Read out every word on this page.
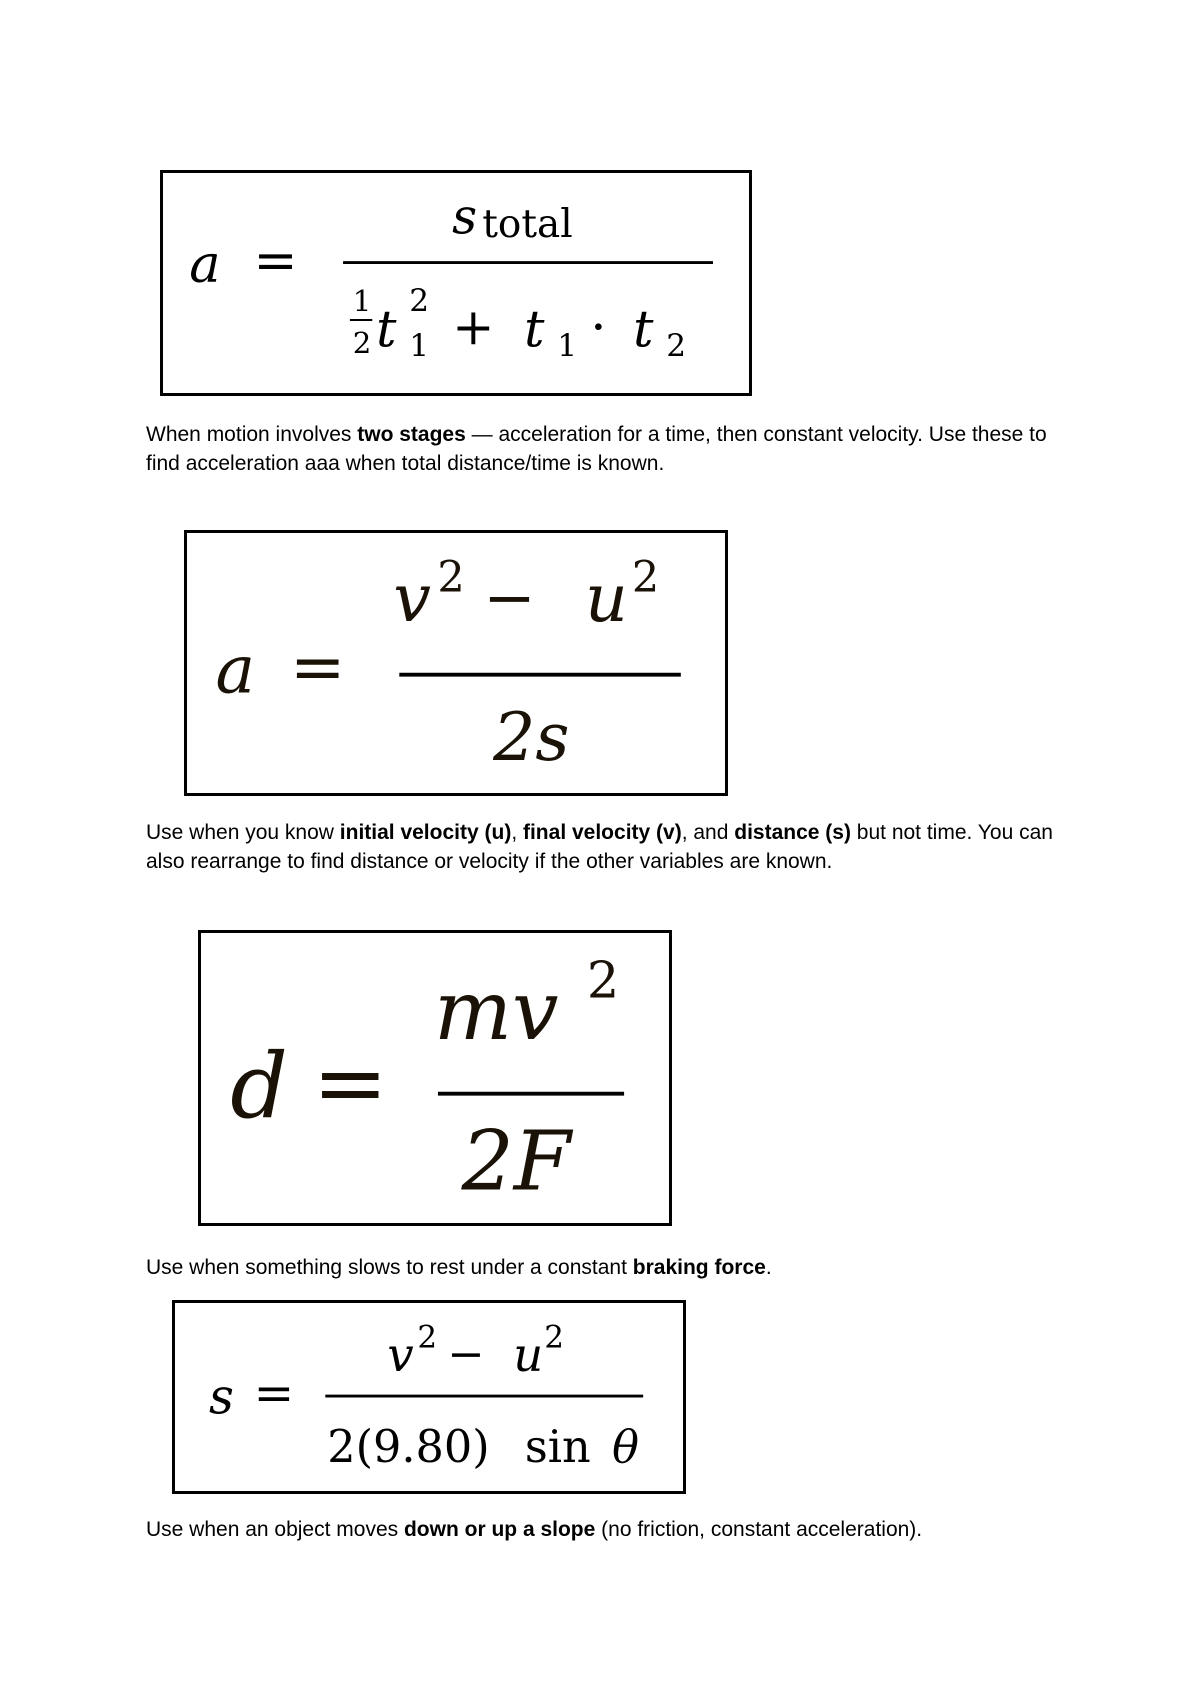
a =
s total
1
2 t 1
2 + t 1 · t 2

When motion involves two stages — acceleration for a time, then constant velocity. Use these to find acceleration aaa when total distance/time is known.

a =
v 2 − u 2
2s

Use when you know initial velocity (u), final velocity (v), and distance (s) but not time. You can also rearrange to find distance or velocity if the other variables are known.

d =
mv 2
2F

Use when something slows to rest under a constant braking force.

s =
v 2 − u 2
2(9.80) sin θ

Use when an object moves down or up a slope (no friction, constant acceleration).
